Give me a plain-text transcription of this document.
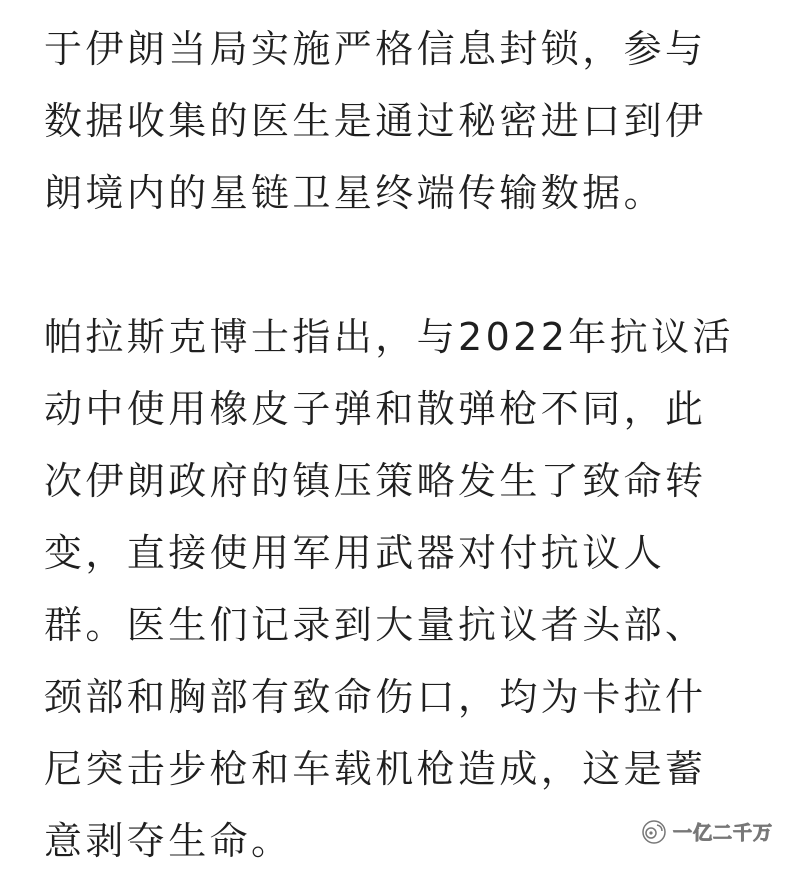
于伊朗当局实施严格信息封锁，参与
数据收集的医生是通过秘密进口到伊
朗境内的星链卫星终端传输数据。
帕拉斯克博士指出，与2022年抗议活
动中使用橡皮子弹和散弹枪不同，此
次伊朗政府的镇压策略发生了致命转
变，直接使用军用武器对付抗议人
群。医生们记录到大量抗议者头部、
颈部和胸部有致命伤口，均为卡拉什
尼突击步枪和车载机枪造成，这是蓄
意剥夺生命。	一亿二千万
